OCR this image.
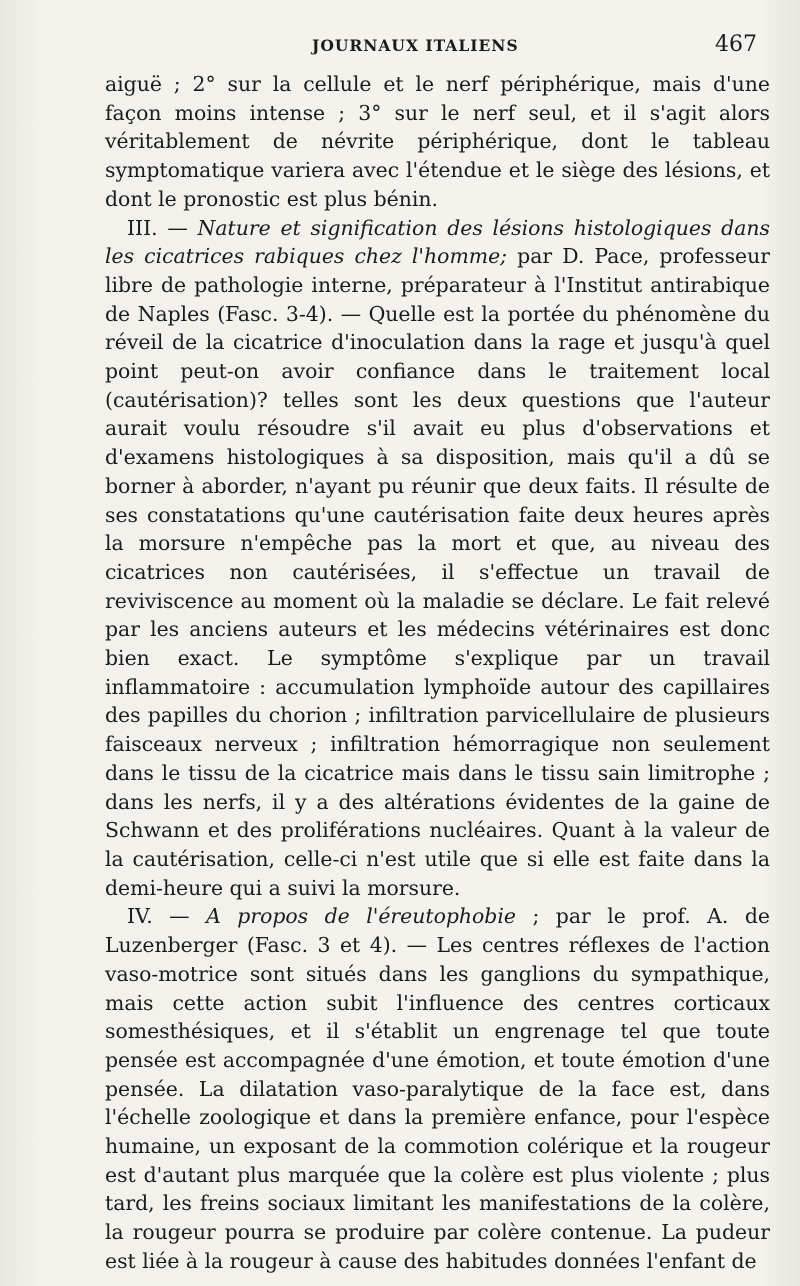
JOURNAUX ITALIENS	467

aiguë ; 2° sur la cellule et le nerf périphérique, mais d'une façon moins intense ; 3° sur le nerf seul, et il s'agit alors véritablement de névrite périphérique, dont le tableau symptomatique variera avec l'étendue et le siège des lésions, et dont le pronostic est plus bénin.

III. — Nature et signification des lésions histologiques dans les cicatrices rabiques chez l'homme; par D. Pace, professeur libre de pathologie interne, préparateur à l'Institut antirabique de Naples (Fasc. 3-4). — Quelle est la portée du phénomène du réveil de la cicatrice d'inoculation dans la rage et jusqu'à quel point peut-on avoir confiance dans le traitement local (cautérisation)? telles sont les deux questions que l'auteur aurait voulu résoudre s'il avait eu plus d'observations et d'examens histologiques à sa disposition, mais qu'il a dû se borner à aborder, n'ayant pu réunir que deux faits. Il résulte de ses constatations qu'une cautérisation faite deux heures après la morsure n'empêche pas la mort et que, au niveau des cicatrices non cautérisées, il s'effectue un travail de reviviscence au moment où la maladie se déclare. Le fait relevé par les anciens auteurs et les médecins vétérinaires est donc bien exact. Le symptôme s'explique par un travail inflammatoire : accumulation lymphoïde autour des capillaires des papilles du chorion ; infiltration parvicellulaire de plusieurs faisceaux nerveux ; infiltration hémorragique non seulement dans le tissu de la cicatrice mais dans le tissu sain limitrophe ; dans les nerfs, il y a des altérations évidentes de la gaine de Schwann et des proliférations nucléaires. Quant à la valeur de la cautérisation, celle-ci n'est utile que si elle est faite dans la demi-heure qui a suivi la morsure.

IV. — A propos de l'éreutophobie ; par le prof. A. de Luzenberger (Fasc. 3 et 4). — Les centres réflexes de l'action vaso-motrice sont situés dans les ganglions du sympathique, mais cette action subit l'influence des centres corticaux somesthésiques, et il s'établit un engrenage tel que toute pensée est accompagnée d'une émotion, et toute émotion d'une pensée. La dilatation vaso-paralytique de la face est, dans l'échelle zoologique et dans la première enfance, pour l'espèce humaine, un exposant de la commotion colérique et la rougeur est d'autant plus marquée que la colère est plus violente ; plus tard, les freins sociaux limitant les manifestations de la colère, la rougeur pourra se produire par colère contenue. La pudeur est liée à la rougeur à cause des habitudes données l'enfant de
